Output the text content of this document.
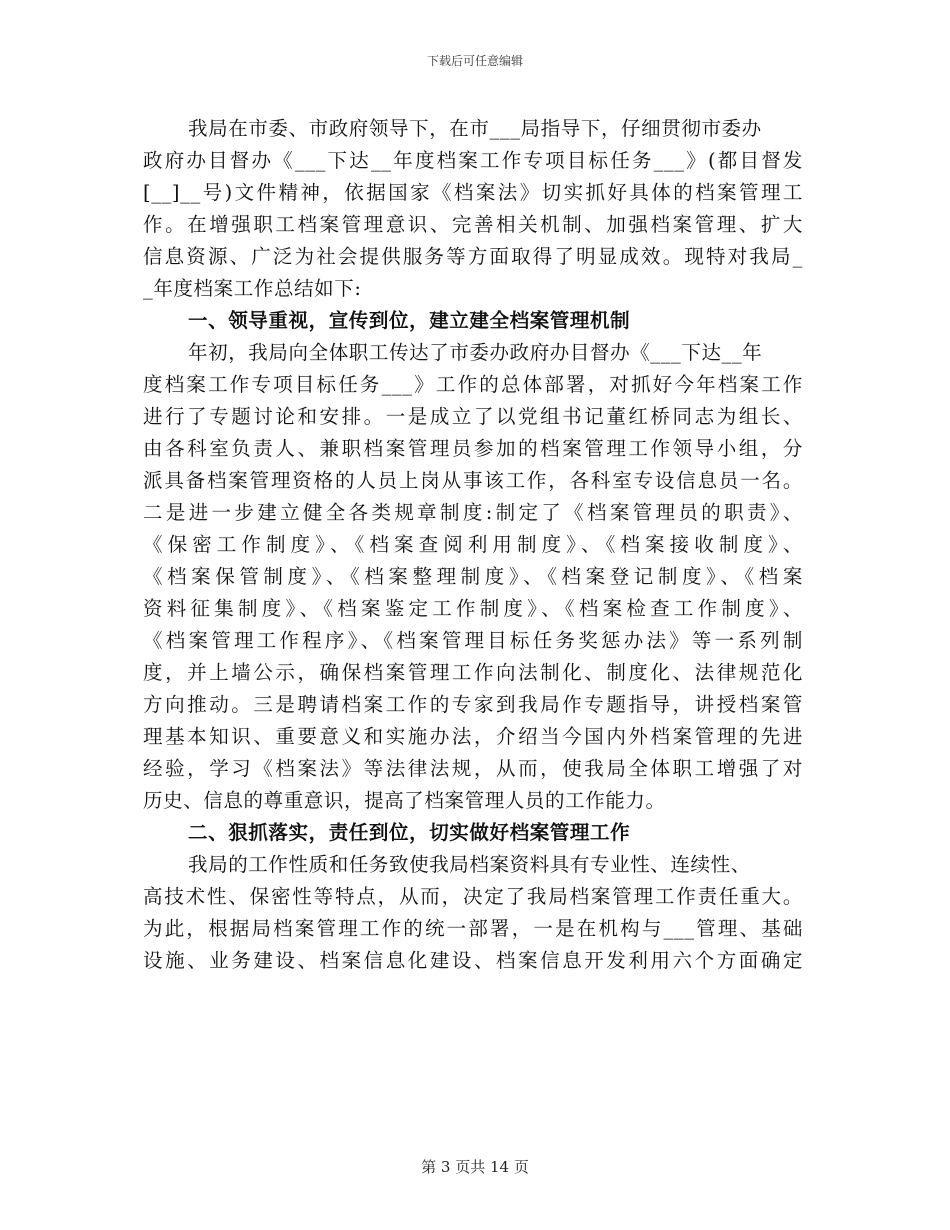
下载后可任意编辑
我局在市委、市政府领导下，在市___局指导下，仔细贯彻市委办
政府办目督办《___下达__年度档案工作专项目标任务___》(都目督发
[__]__号)文件精神，依据国家《档案法》切实抓好具体的档案管理工
作。在增强职工档案管理意识、完善相关机制、加强档案管理、扩大
信息资源、广泛为社会提供服务等方面取得了明显成效。现特对我局_
_年度档案工作总结如下:
一、领导重视，宣传到位，建立建全档案管理机制
年初，我局向全体职工传达了市委办政府办目督办《___下达__年
度档案工作专项目标任务___》工作的总体部署，对抓好今年档案工作
进行了专题讨论和安排。一是成立了以党组书记董红桥同志为组长、
由各科室负责人、兼职档案管理员参加的档案管理工作领导小组，分
派具备档案管理资格的人员上岗从事该工作，各科室专设信息员一名。
二是进一步建立健全各类规章制度:制定了《档案管理员的职责》、
《保密工作制度》、《档案查阅利用制度》、《档案接收制度》、
《档案保管制度》、《档案整理制度》、《档案登记制度》、《档案
资料征集制度》、《档案鉴定工作制度》、《档案检查工作制度》、
《档案管理工作程序》、《档案管理目标任务奖惩办法》等一系列制
度，并上墙公示，确保档案管理工作向法制化、制度化、法律规范化
方向推动。三是聘请档案工作的专家到我局作专题指导，讲授档案管
理基本知识、重要意义和实施办法，介绍当今国内外档案管理的先进
经验，学习《档案法》等法律法规，从而，使我局全体职工增强了对
历史、信息的尊重意识，提高了档案管理人员的工作能力。
二、狠抓落实，责任到位，切实做好档案管理工作
我局的工作性质和任务致使我局档案资料具有专业性、连续性、
高技术性、保密性等特点，从而，决定了我局档案管理工作责任重大。
为此，根据局档案管理工作的统一部署，一是在机构与___管理、基础
设施、业务建设、档案信息化建设、档案信息开发利用六个方面确定
第 3 页共 14 页
